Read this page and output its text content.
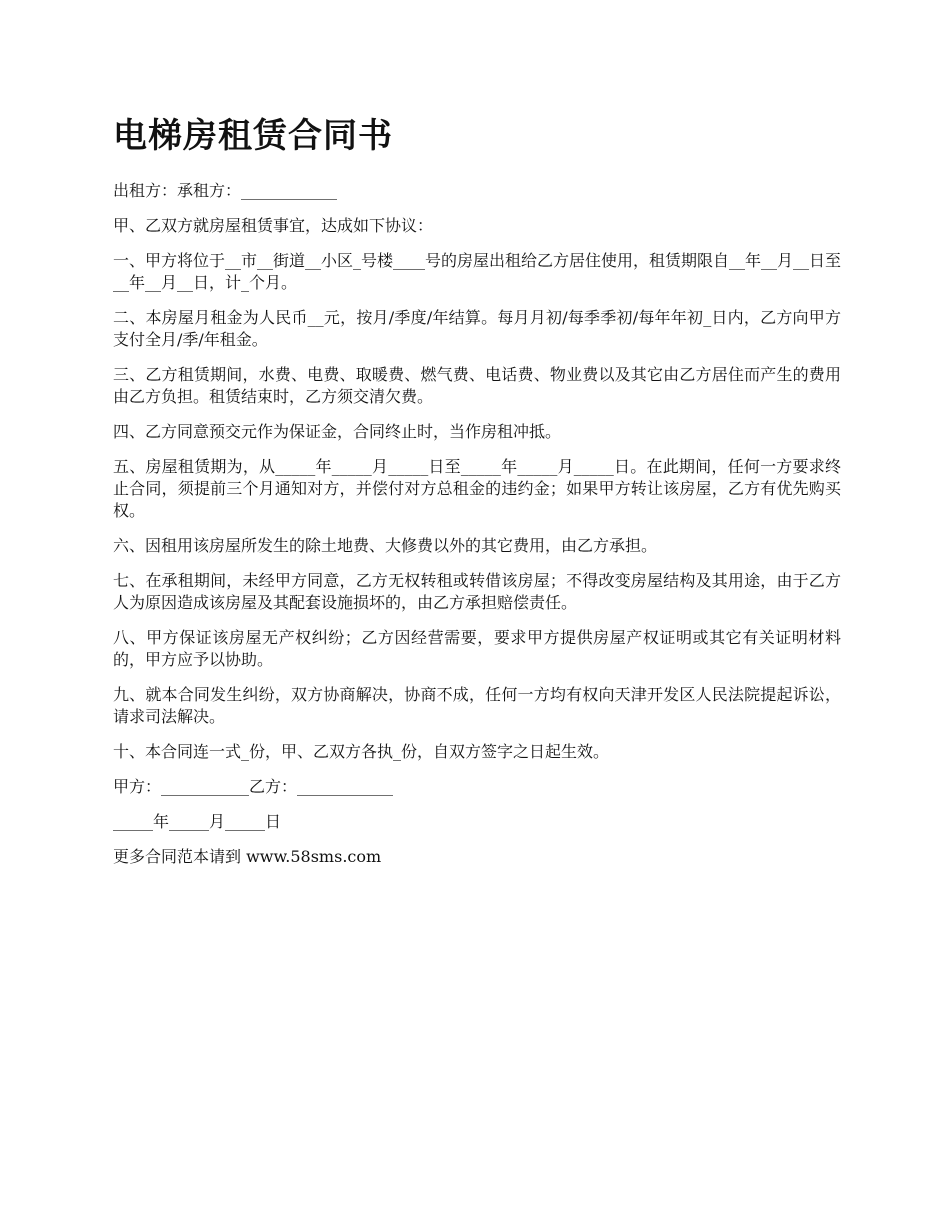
电梯房租赁合同书

出租方：承租方：____________

甲、乙双方就房屋租赁事宜，达成如下协议：

一、甲方将位于__市__街道__小区_号楼____号的房屋出租给乙方居住使用，租赁期限自__年__月__日至__年__月__日，计_个月。

二、本房屋月租金为人民币__元，按月/季度/年结算。每月月初/每季季初/每年年初_日内，乙方向甲方支付全月/季/年租金。

三、乙方租赁期间，水费、电费、取暖费、燃气费、电话费、物业费以及其它由乙方居住而产生的费用由乙方负担。租赁结束时，乙方须交清欠费。

四、乙方同意预交元作为保证金，合同终止时，当作房租冲抵。

五、房屋租赁期为，从_____年_____月_____日至_____年_____月_____日。在此期间，任何一方要求终止合同，须提前三个月通知对方，并偿付对方总租金的违约金；如果甲方转让该房屋，乙方有优先购买权。

六、因租用该房屋所发生的除土地费、大修费以外的其它费用，由乙方承担。

七、在承租期间，未经甲方同意，乙方无权转租或转借该房屋；不得改变房屋结构及其用途，由于乙方人为原因造成该房屋及其配套设施损坏的，由乙方承担赔偿责任。

八、甲方保证该房屋无产权纠纷；乙方因经营需要，要求甲方提供房屋产权证明或其它有关证明材料的，甲方应予以协助。

九、就本合同发生纠纷，双方协商解决，协商不成，任何一方均有权向天津开发区人民法院提起诉讼，请求司法解决。

十、本合同连一式_份，甲、乙双方各执_份，自双方签字之日起生效。

甲方：___________乙方：____________

_____年_____月_____日

更多合同范本请到 www.58sms.com
